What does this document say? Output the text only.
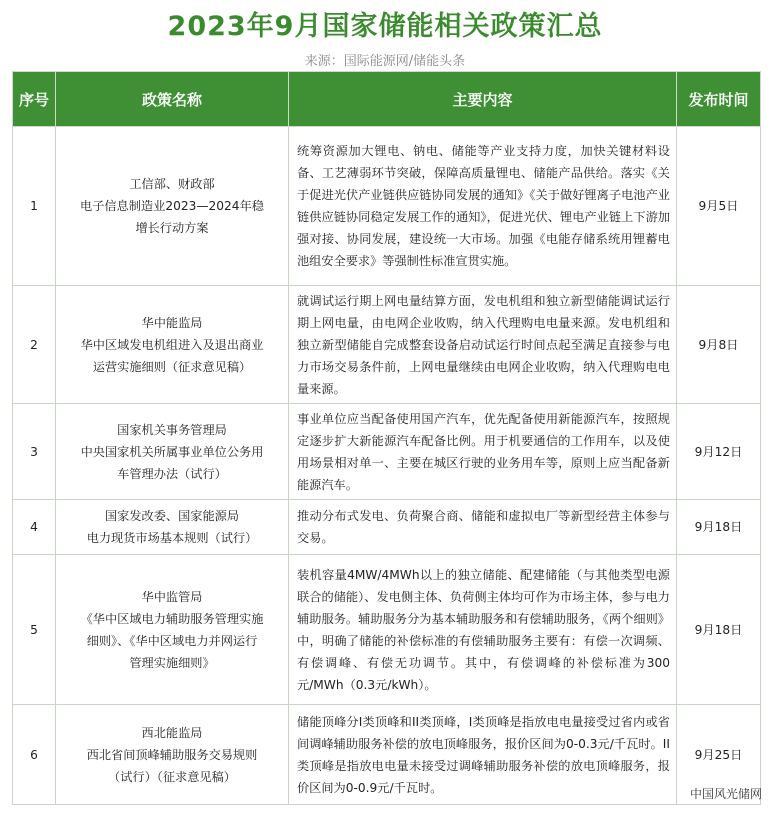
2023年9月国家储能相关政策汇总
来源：国际能源网/储能头条
序号	政策名称	主要内容	发布时间
1	工信部、财政部
电子信息制造业2023—2024年稳
增长行动方案	统筹资源加大锂电、钠电、储能等产业支持力度，加快关键材料设备、工艺薄弱环节突破，保障高质量锂电、储能产品供给。落实《关于促进光伏产业链供应链协同发展的通知》《关于做好锂离子电池产业链供应链协同稳定发展工作的通知》，促进光伏、锂电产业链上下游加强对接、协同发展，建设统一大市场。加强《电能存储系统用锂蓄电池组安全要求》等强制性标准宣贯实施。	9月5日
2	华中能监局
华中区域发电机组进入及退出商业
运营实施细则（征求意见稿）	就调试运行期上网电量结算方面，发电机组和独立新型储能调试运行期上网电量，由电网企业收购，纳入代理购电电量来源。发电机组和独立新型储能自完成整套设备启动试运行时间点起至满足直接参与电力市场交易条件前，上网电量继续由电网企业收购，纳入代理购电电量来源。	9月8日
3	国家机关事务管理局
中央国家机关所属事业单位公务用
车管理办法（试行）	事业单位应当配备使用国产汽车，优先配备使用新能源汽车，按照规定逐步扩大新能源汽车配备比例。用于机要通信的工作用车，以及使用场景相对单一、主要在城区行驶的业务用车等，原则上应当配备新能源汽车。	9月12日
4	国家发改委、国家能源局
电力现货市场基本规则（试行）	推动分布式发电、负荷聚合商、储能和虚拟电厂等新型经营主体参与交易。	9月18日
5	华中监管局
《华中区域电力辅助服务管理实施
细则》、《华中区域电力并网运行
管理实施细则》	装机容量4MW/4MWh以上的独立储能、配建储能（与其他类型电源联合的储能）、发电侧主体、负荷侧主体均可作为市场主体，参与电力辅助服务。辅助服务分为基本辅助服务和有偿辅助服务，《两个细则》中，明确了储能的补偿标准的有偿辅助服务主要有：有偿一次调频、有偿调峰、有偿无功调节。其中，有偿调峰的补偿标准为300元/MWh（0.3元/kWh）。	9月18日
6	西北能监局
西北省间顶峰辅助服务交易规则
（试行）（征求意见稿）	储能顶峰分I类顶峰和II类顶峰，I类顶峰是指放电电量接受过省内或省间调峰辅助服务补偿的放电顶峰服务，报价区间为0-0.3元/千瓦时。II类顶峰是指放电电量未接受过调峰辅助服务补偿的放电顶峰服务，报价区间为0-0.9元/千瓦时。	9月25日
中国风光储网
